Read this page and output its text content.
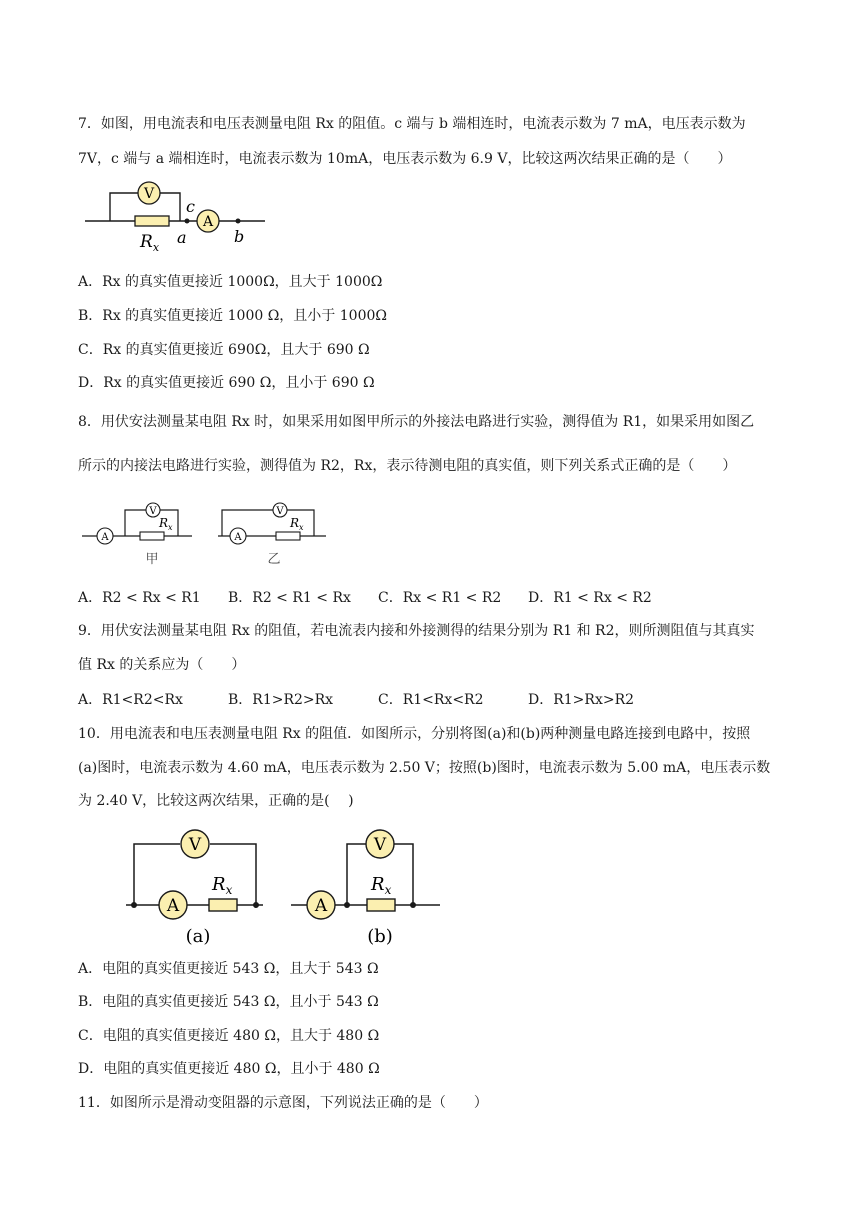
7．如图，用电流表和电压表测量电阻 Rx 的阻值。c 端与 b 端相连时，电流表示数为 7 mA，电压表示数为
7V，c 端与 a 端相连时，电流表示数为 10mA，电压表示数为 6.9 V，比较这两次结果正确的是（　　）
V
A
c
a	b
$R_x$
A．Rx 的真实值更接近 1000Ω，且大于 1000Ω
B．Rx 的真实值更接近 1000 Ω，且小于 1000Ω
C．Rx 的真实值更接近 690Ω，且大于 690 Ω
D．Rx 的真实值更接近 690 Ω，且小于 690 Ω
8．用伏安法测量某电阻 Rx 时，如果采用如图甲所示的外接法电路进行实验，测得值为 R1，如果采用如图乙
所示的内接法电路进行实验，测得值为 R2，Rx，表示待测电阻的真实值，则下列关系式正确的是（　　）
A
V
$R_x$
甲
A
V
$R_x$
乙
A．R2 < Rx < R1 B．R2 < R1 < Rx C．Rx < R1 < R2 D．R1 < Rx < R2
9．用伏安法测量某电阻 Rx 的阻值，若电流表内接和外接测得的结果分别为 R1 和 R2，则所测阻值与其真实
值 Rx 的关系应为（　　）
A．R1<R2<Rx	B．R1>R2>Rx	C．R1<Rx<R2	D．R1>Rx>R2
10．用电流表和电压表测量电阻 Rx 的阻值．如图所示，分别将图(a)和(b)两种测量电路连接到电路中，按照
(a)图时，电流表示数为 4.60 mA，电压表示数为 2.50 V；按照(b)图时，电流表示数为 5.00 mA，电压表示数
为 2.40 V，比较这两次结果，正确的是(　 )
V
A
$R_x$
(a)
V
A
$R_x$
(b)
A．电阻的真实值更接近 543 Ω，且大于 543 Ω
B．电阻的真实值更接近 543 Ω，且小于 543 Ω
C．电阻的真实值更接近 480 Ω，且大于 480 Ω
D．电阻的真实值更接近 480 Ω，且小于 480 Ω
11．如图所示是滑动变阻器的示意图，下列说法正确的是（　　）
